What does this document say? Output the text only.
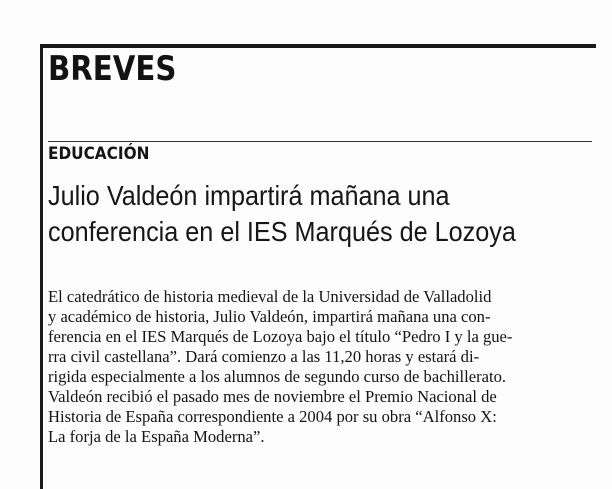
BREVES
EDUCACIÓN
Julio Valdeón impartirá mañana una
conferencia en el IES Marqués de Lozoya

El catedrático de historia medieval de la Universidad de Valladolid
y académico de historia, Julio Valdeón, impartirá mañana una con-
ferencia en el IES Marqués de Lozoya bajo el título “Pedro I y la gue-
rra civil castellana”. Dará comienzo a las 11,20 horas y estará di-
rigida especialmente a los alumnos de segundo curso de bachillerato.
Valdeón recibió el pasado mes de noviembre el Premio Nacional de
Historia de España correspondiente a 2004 por su obra “Alfonso X:
La forja de la España Moderna”.
